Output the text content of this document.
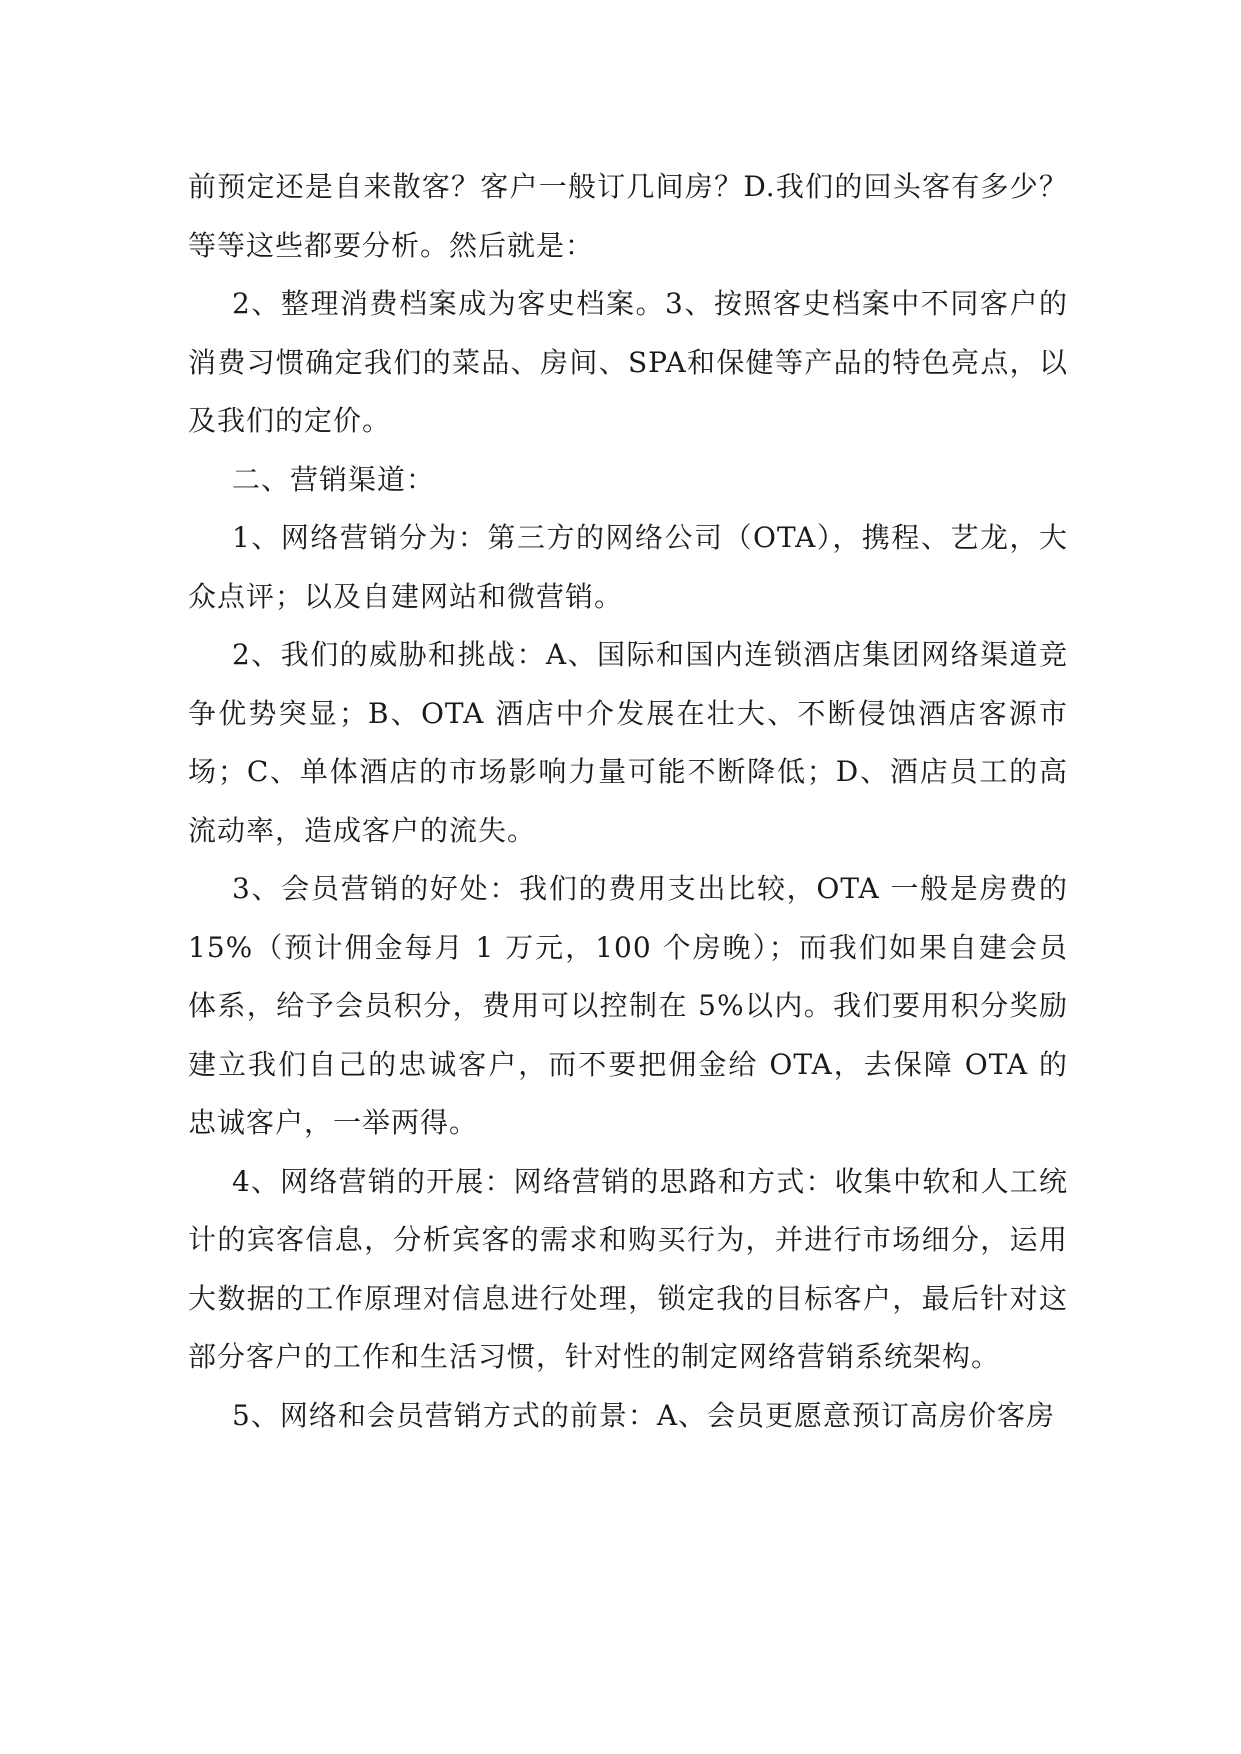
前预定还是自来散客？客户一般订几间房？D.我们的回头客有多少？等等这些都要分析。然后就是：

2、整理消费档案成为客史档案。3、按照客史档案中不同客户的消费习惯确定我们的菜品、房间、SPA和保健等产品的特色亮点，以及我们的定价。

二、营销渠道：

1、网络营销分为：第三方的网络公司（OTA），携程、艺龙，大众点评；以及自建网站和微营销。

2、我们的威胁和挑战：A、国际和国内连锁酒店集团网络渠道竞争优势突显；B、OTA 酒店中介发展在壮大、不断侵蚀酒店客源市场；C、单体酒店的市场影响力量可能不断降低；D、酒店员工的高流动率，造成客户的流失。

3、会员营销的好处：我们的费用支出比较，OTA 一般是房费的 15%（预计佣金每月 1 万元，100 个房晚）；而我们如果自建会员体系，给予会员积分，费用可以控制在 5%以内。我们要用积分奖励建立我们自己的忠诚客户，而不要把佣金给 OTA，去保障 OTA 的忠诚客户，一举两得。

4、网络营销的开展：网络营销的思路和方式：收集中软和人工统计的宾客信息，分析宾客的需求和购买行为，并进行市场细分，运用大数据的工作原理对信息进行处理，锁定我的目标客户，最后针对这部分客户的工作和生活习惯，针对性的制定网络营销系统架构。

5、网络和会员营销方式的前景：A、会员更愿意预订高房价客房
